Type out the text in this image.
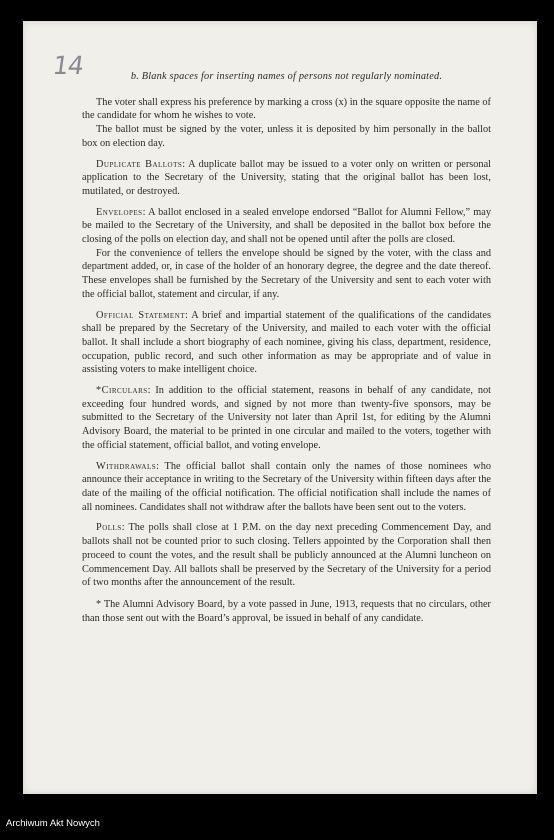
14	b. Blank spaces for inserting names of persons not regularly nominated.

The voter shall express his preference by marking a cross (x) in the square opposite the name of the candidate for whom he wishes to vote.

The ballot must be signed by the voter, unless it is deposited by him personally in the ballot box on election day.

Duplicate Ballots: A duplicate ballot may be issued to a voter only on written or personal application to the Secretary of the University, stating that the original ballot has been lost, mutilated, or destroyed.

Envelopes: A ballot enclosed in a sealed envelope endorsed “Ballot for Alumni Fellow,” may be mailed to the Secretary of the University, and shall be deposited in the ballot box before the closing of the polls on election day, and shall not be opened until after the polls are closed.

For the convenience of tellers the envelope should be signed by the voter, with the class and department added, or, in case of the holder of an honorary degree, the degree and the date thereof. These envelopes shall be furnished by the Secretary of the University and sent to each voter with the official ballot, statement and circular, if any.

Official Statement: A brief and impartial statement of the qualifications of the candidates shall be prepared by the Secretary of the University, and mailed to each voter with the official ballot. It shall include a short biography of each nominee, giving his class, department, residence, occupation, public record, and such other information as may be appropriate and of value in assisting voters to make intelligent choice.

*Circulars: In addition to the official statement, reasons in behalf of any candidate, not exceeding four hundred words, and signed by not more than twenty-five sponsors, may be submitted to the Secretary of the University not later than April 1st, for editing by the Alumni Advisory Board, the material to be printed in one circular and mailed to the voters, together with the official statement, official ballot, and voting envelope.

Withdrawals: The official ballot shall contain only the names of those nominees who announce their acceptance in writing to the Secretary of the University within fifteen days after the date of the mailing of the official notification. The official notification shall include the names of all nominees. Candidates shall not withdraw after the ballots have been sent out to the voters.

Polls: The polls shall close at 1 P.M. on the day next preceding Commencement Day, and ballots shall not be counted prior to such closing. Tellers appointed by the Corporation shall then proceed to count the votes, and the result shall be publicly announced at the Alumni luncheon on Commencement Day. All ballots shall be preserved by the Secretary of the University for a period of two months after the announcement of the result.

* The Alumni Advisory Board, by a vote passed in June, 1913, requests that no circulars, other than those sent out with the Board’s approval, be issued in behalf of any candidate.

Archiwum Akt Nowych
